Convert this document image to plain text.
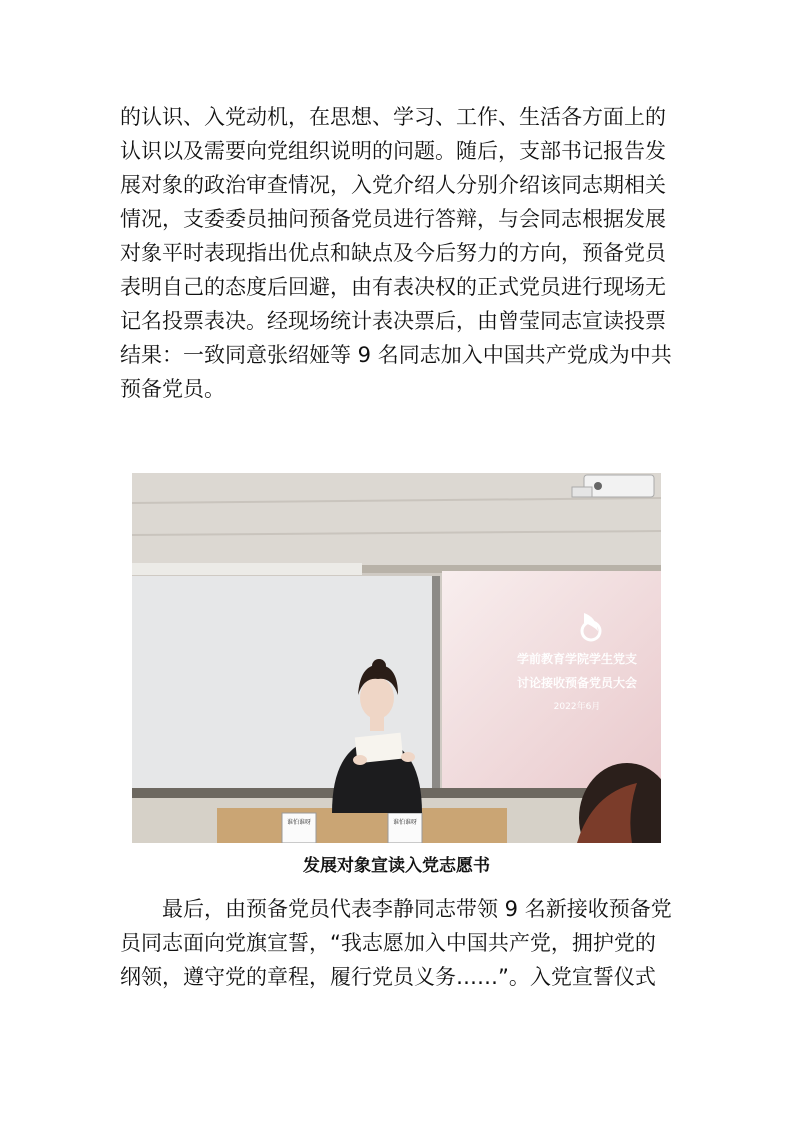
的认识、入党动机，在思想、学习、工作、生活各方面上的
认识以及需要向党组织说明的问题。随后，支部书记报告发
展对象的政治审查情况，入党介绍人分别介绍该同志期相关
情况，支委委员抽问预备党员进行答辩，与会同志根据发展
对象平时表现指出优点和缺点及今后努力的方向，预备党员
表明自己的态度后回避，由有表决权的正式党员进行现场无
记名投票表决。经现场统计表决票后，由曾莹同志宣读投票
结果：一致同意张绍娅等 9 名同志加入中国共产党成为中共
预备党员。

学前教育学院学生党支
讨论接收预备党员大会
2022年6月
谁怕谁呀	谁怕谁呀
发展对象宣读入党志愿书

　　最后，由预备党员代表李静同志带领 9 名新接收预备党
员同志面向党旗宣誓，“我志愿加入中国共产党，拥护党的
纲领，遵守党的章程，履行党员义务……”。入党宣誓仪式
